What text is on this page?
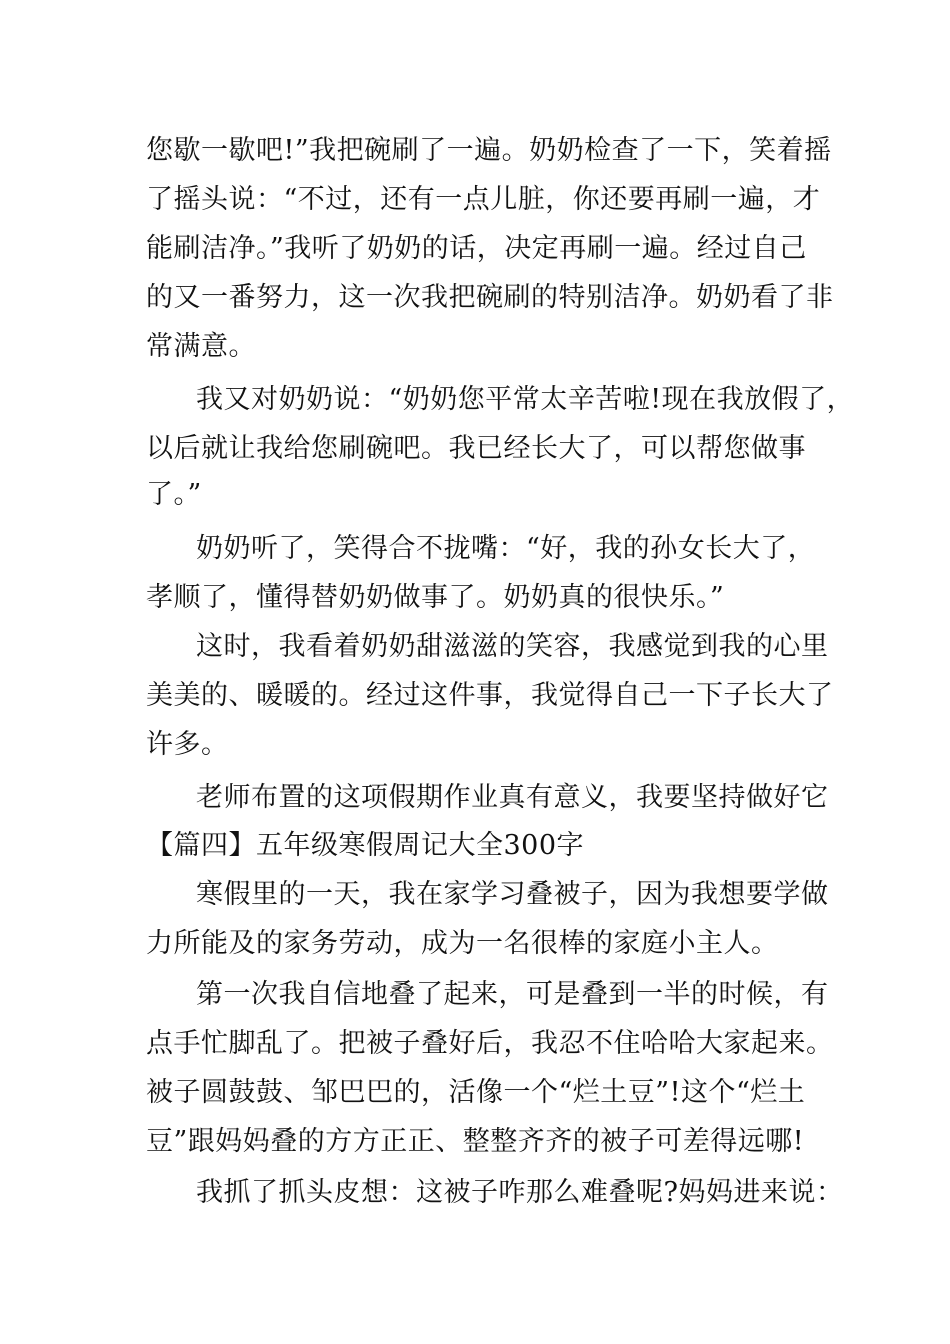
您歇一歇吧!”我把碗刷了一遍。奶奶检查了一下，笑着摇
了摇头说：“不过，还有一点儿脏，你还要再刷一遍，才
能刷洁净。”我听了奶奶的话，决定再刷一遍。经过自己
的又一番努力，这一次我把碗刷的特别洁净。奶奶看了非
常满意。
我又对奶奶说：“奶奶您平常太辛苦啦!现在我放假了，
以后就让我给您刷碗吧。我已经长大了，可以帮您做事
了。”
奶奶听了，笑得合不拢嘴：“好，我的孙女长大了，
孝顺了，懂得替奶奶做事了。奶奶真的很快乐。”
这时，我看着奶奶甜滋滋的笑容，我感觉到我的心里
美美的、暖暖的。经过这件事，我觉得自己一下子长大了
许多。
老师布置的这项假期作业真有意义，我要坚持做好它
【篇四】五年级寒假周记大全300字
寒假里的一天，我在家学习叠被子，因为我想要学做
力所能及的家务劳动，成为一名很棒的家庭小主人。
第一次我自信地叠了起来，可是叠到一半的时候，有
点手忙脚乱了。把被子叠好后，我忍不住哈哈大家起来。
被子圆鼓鼓、邹巴巴的，活像一个“烂土豆”!这个“烂土
豆”跟妈妈叠的方方正正、整整齐齐的被子可差得远哪!
我抓了抓头皮想：这被子咋那么难叠呢?妈妈进来说：
